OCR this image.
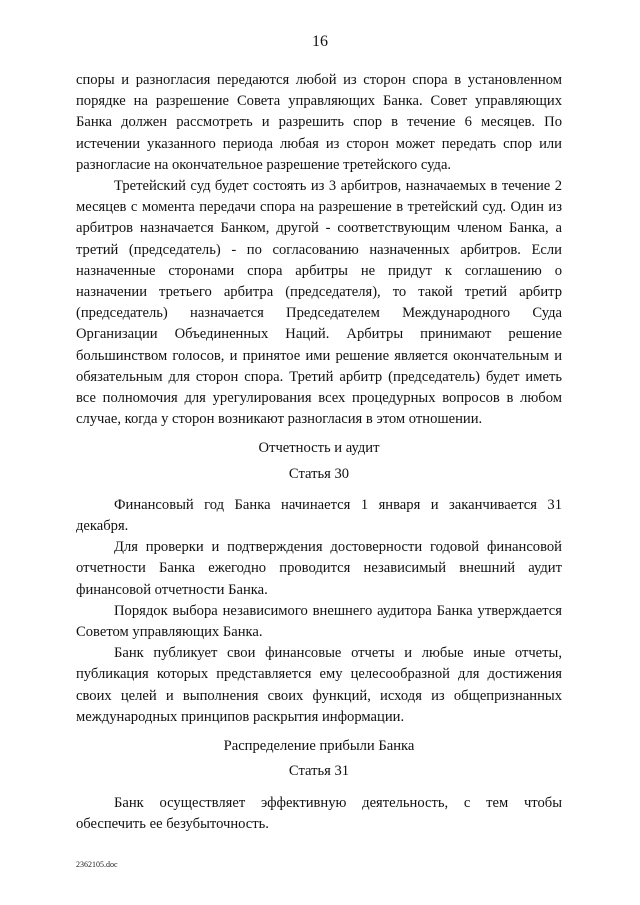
16

споры и разногласия передаются любой из сторон спора в установленном порядке на разрешение Совета управляющих Банка. Совет управляющих Банка должен рассмотреть и разрешить спор в течение 6 месяцев. По истечении указанного периода любая из сторон может передать спор или разногласие на окончательное разрешение третейского суда.

Третейский суд будет состоять из 3 арбитров, назначаемых в течение 2 месяцев с момента передачи спора на разрешение в третейский суд. Один из арбитров назначается Банком, другой - соответствующим членом Банка, а третий (председатель) - по согласованию назначенных арбитров. Если назначенные сторонами спора арбитры не придут к соглашению о назначении третьего арбитра (председателя), то такой третий арбитр (председатель) назначается Председателем Международного Суда Организации Объединенных Наций. Арбитры принимают решение большинством голосов, и принятое ими решение является окончательным и обязательным для сторон спора. Третий арбитр (председатель) будет иметь все полномочия для урегулирования всех процедурных вопросов в любом случае, когда у сторон возникают разногласия в этом отношении.

Отчетность и аудит

Статья 30

Финансовый год Банка начинается 1 января и заканчивается 31 декабря.

Для проверки и подтверждения достоверности годовой финансовой отчетности Банка ежегодно проводится независимый внешний аудит финансовой отчетности Банка.

Порядок выбора независимого внешнего аудитора Банка утверждается Советом управляющих Банка.

Банк публикует свои финансовые отчеты и любые иные отчеты, публикация которых представляется ему целесообразной для достижения своих целей и выполнения своих функций, исходя из общепризнанных международных принципов раскрытия информации.

Распределение прибыли Банка

Статья 31

Банк осуществляет эффективную деятельность, с тем чтобы обеспечить ее безубыточность.

2362105.doc
